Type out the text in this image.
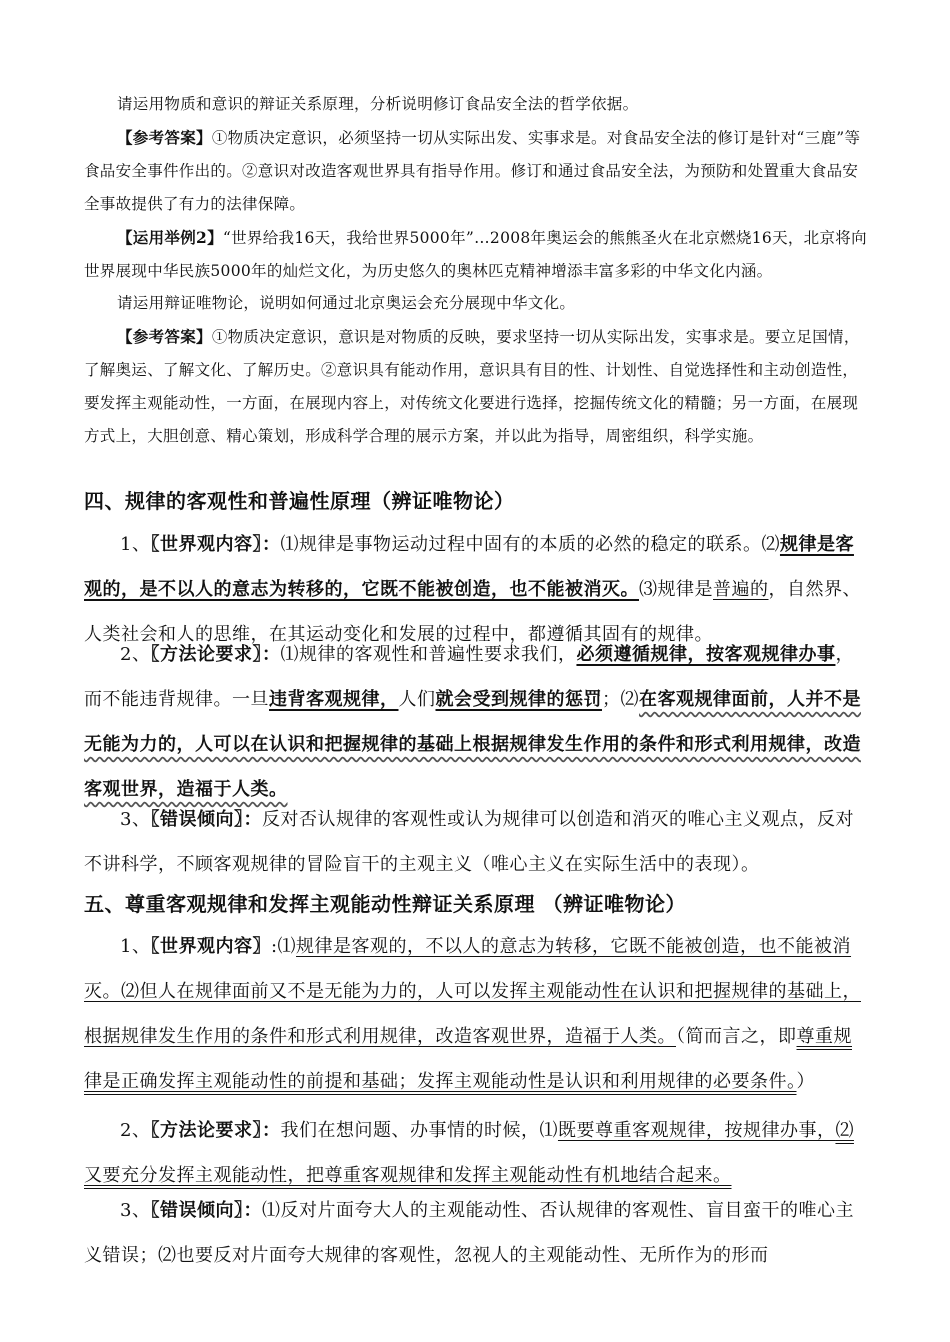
请运用物质和意识的辩证关系原理，分析说明修订食品安全法的哲学依据。

【参考答案】①物质决定意识，必须坚持一切从实际出发、实事求是。对食品安全法的修订是针对“三鹿”等食品安全事件作出的。②意识对改造客观世界具有指导作用。修订和通过食品安全法，为预防和处置重大食品安全事故提供了有力的法律保障。

【运用举例2】“世界给我16天，我给世界5000年”…2008年奥运会的熊熊圣火在北京燃烧16天，北京将向世界展现中华民族5000年的灿烂文化，为历史悠久的奥林匹克精神增添丰富多彩的中华文化内涵。

请运用辩证唯物论，说明如何通过北京奥运会充分展现中华文化。

【参考答案】①物质决定意识，意识是对物质的反映，要求坚持一切从实际出发，实事求是。要立足国情，了解奥运、了解文化、了解历史。②意识具有能动作用，意识具有目的性、计划性、自觉选择性和主动创造性，要发挥主观能动性，一方面，在展现内容上，对传统文化要进行选择，挖掘传统文化的精髓；另一方面，在展现方式上，大胆创意、精心策划，形成科学合理的展示方案，并以此为指导，周密组织，科学实施。

四、规律的客观性和普遍性原理（辨证唯物论）

1、〖世界观内容〗：⑴规律是事物运动过程中固有的本质的必然的稳定的联系。⑵规律是客观的，是不以人的意志为转移的，它既不能被创造，也不能被消灭。⑶规律是普遍的，自然界、人类社会和人的思维，在其运动变化和发展的过程中，都遵循其固有的规律。

2、〖方法论要求〗：⑴规律的客观性和普遍性要求我们，必须遵循规律，按客观规律办事，而不能违背规律。一旦违背客观规律，人们就会受到规律的惩罚；⑵在客观规律面前，人并不是无能为力的，人可以在认识和把握规律的基础上根据规律发生作用的条件和形式利用规律，改造客观世界，造福于人类。

3、〖错误倾向〗：反对否认规律的客观性或认为规律可以创造和消灭的唯心主义观点，反对不讲科学，不顾客观规律的冒险盲干的主观主义（唯心主义在实际生活中的表现）。

五、尊重客观规律和发挥主观能动性辩证关系原理 （辨证唯物论）

1、〖世界观内容〗:⑴规律是客观的，不以人的意志为转移，它既不能被创造，也不能被消灭。⑵但人在规律面前又不是无能为力的，人可以发挥主观能动性在认识和把握规律的基础上，根据规律发生作用的条件和形式利用规律，改造客观世界，造福于人类。（简而言之，即尊重规律是正确发挥主观能动性的前提和基础；发挥主观能动性是认识和利用规律的必要条件。）

2、〖方法论要求〗：我们在想问题、办事情的时候，⑴既要尊重客观规律，按规律办事，⑵又要充分发挥主观能动性，把尊重客观规律和发挥主观能动性有机地结合起来。

3、〖错误倾向〗：⑴反对片面夸大人的主观能动性、否认规律的客观性、盲目蛮干的唯心主义错误；⑵也要反对片面夸大规律的客观性，忽视人的主观能动性、无所作为的形而
